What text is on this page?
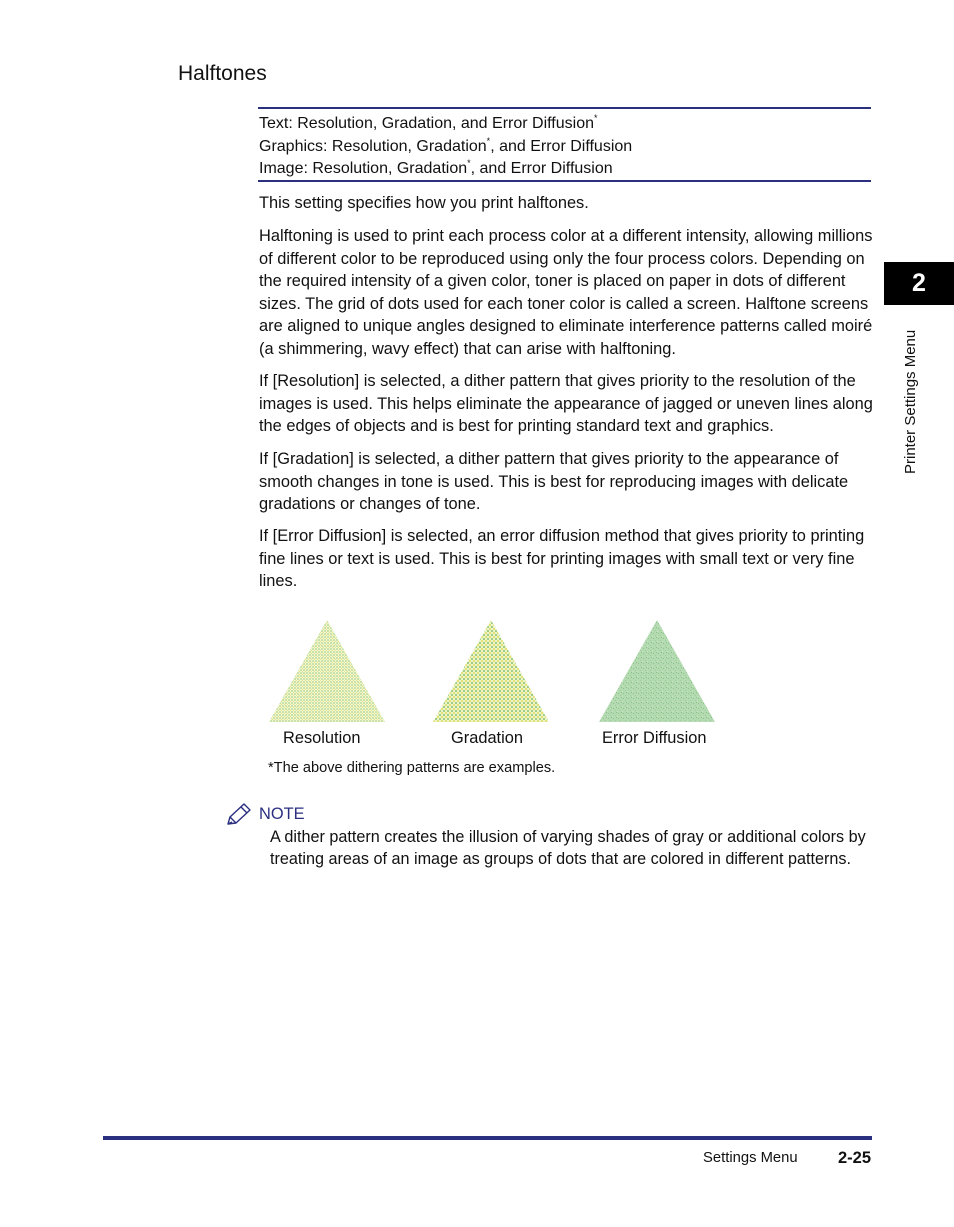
Halftones
Text: Resolution, Gradation, and Error Diffusion*
Graphics: Resolution, Gradation*, and Error Diffusion
Image: Resolution, Gradation*, and Error Diffusion
This setting specifies how you print halftones.
Halftoning is used to print each process color at a different intensity, allowing millions of different color to be reproduced using only the four process colors. Depending on the required intensity of a given color, toner is placed on paper in dots of different sizes. The grid of dots used for each toner color is called a screen. Halftone screens are aligned to unique angles designed to eliminate interference patterns called moiré (a shimmering, wavy effect) that can arise with halftoning.
If [Resolution] is selected, a dither pattern that gives priority to the resolution of the images is used. This helps eliminate the appearance of jagged or uneven lines along the edges of objects and is best for printing standard text and graphics.
If [Gradation] is selected, a dither pattern that gives priority to the appearance of smooth changes in tone is used. This is best for reproducing images with delicate gradations or changes of tone.
If [Error Diffusion] is selected, an error diffusion method that gives priority to printing fine lines or text is used. This is best for printing images with small text or very fine lines.
2
Printer Settings Menu
Resolution	Gradation	Error Diffusion
*The above dithering patterns are examples.
NOTE
A dither pattern creates the illusion of varying shades of gray or additional colors by treating areas of an image as groups of dots that are colored in different patterns.
Settings Menu 2-25
